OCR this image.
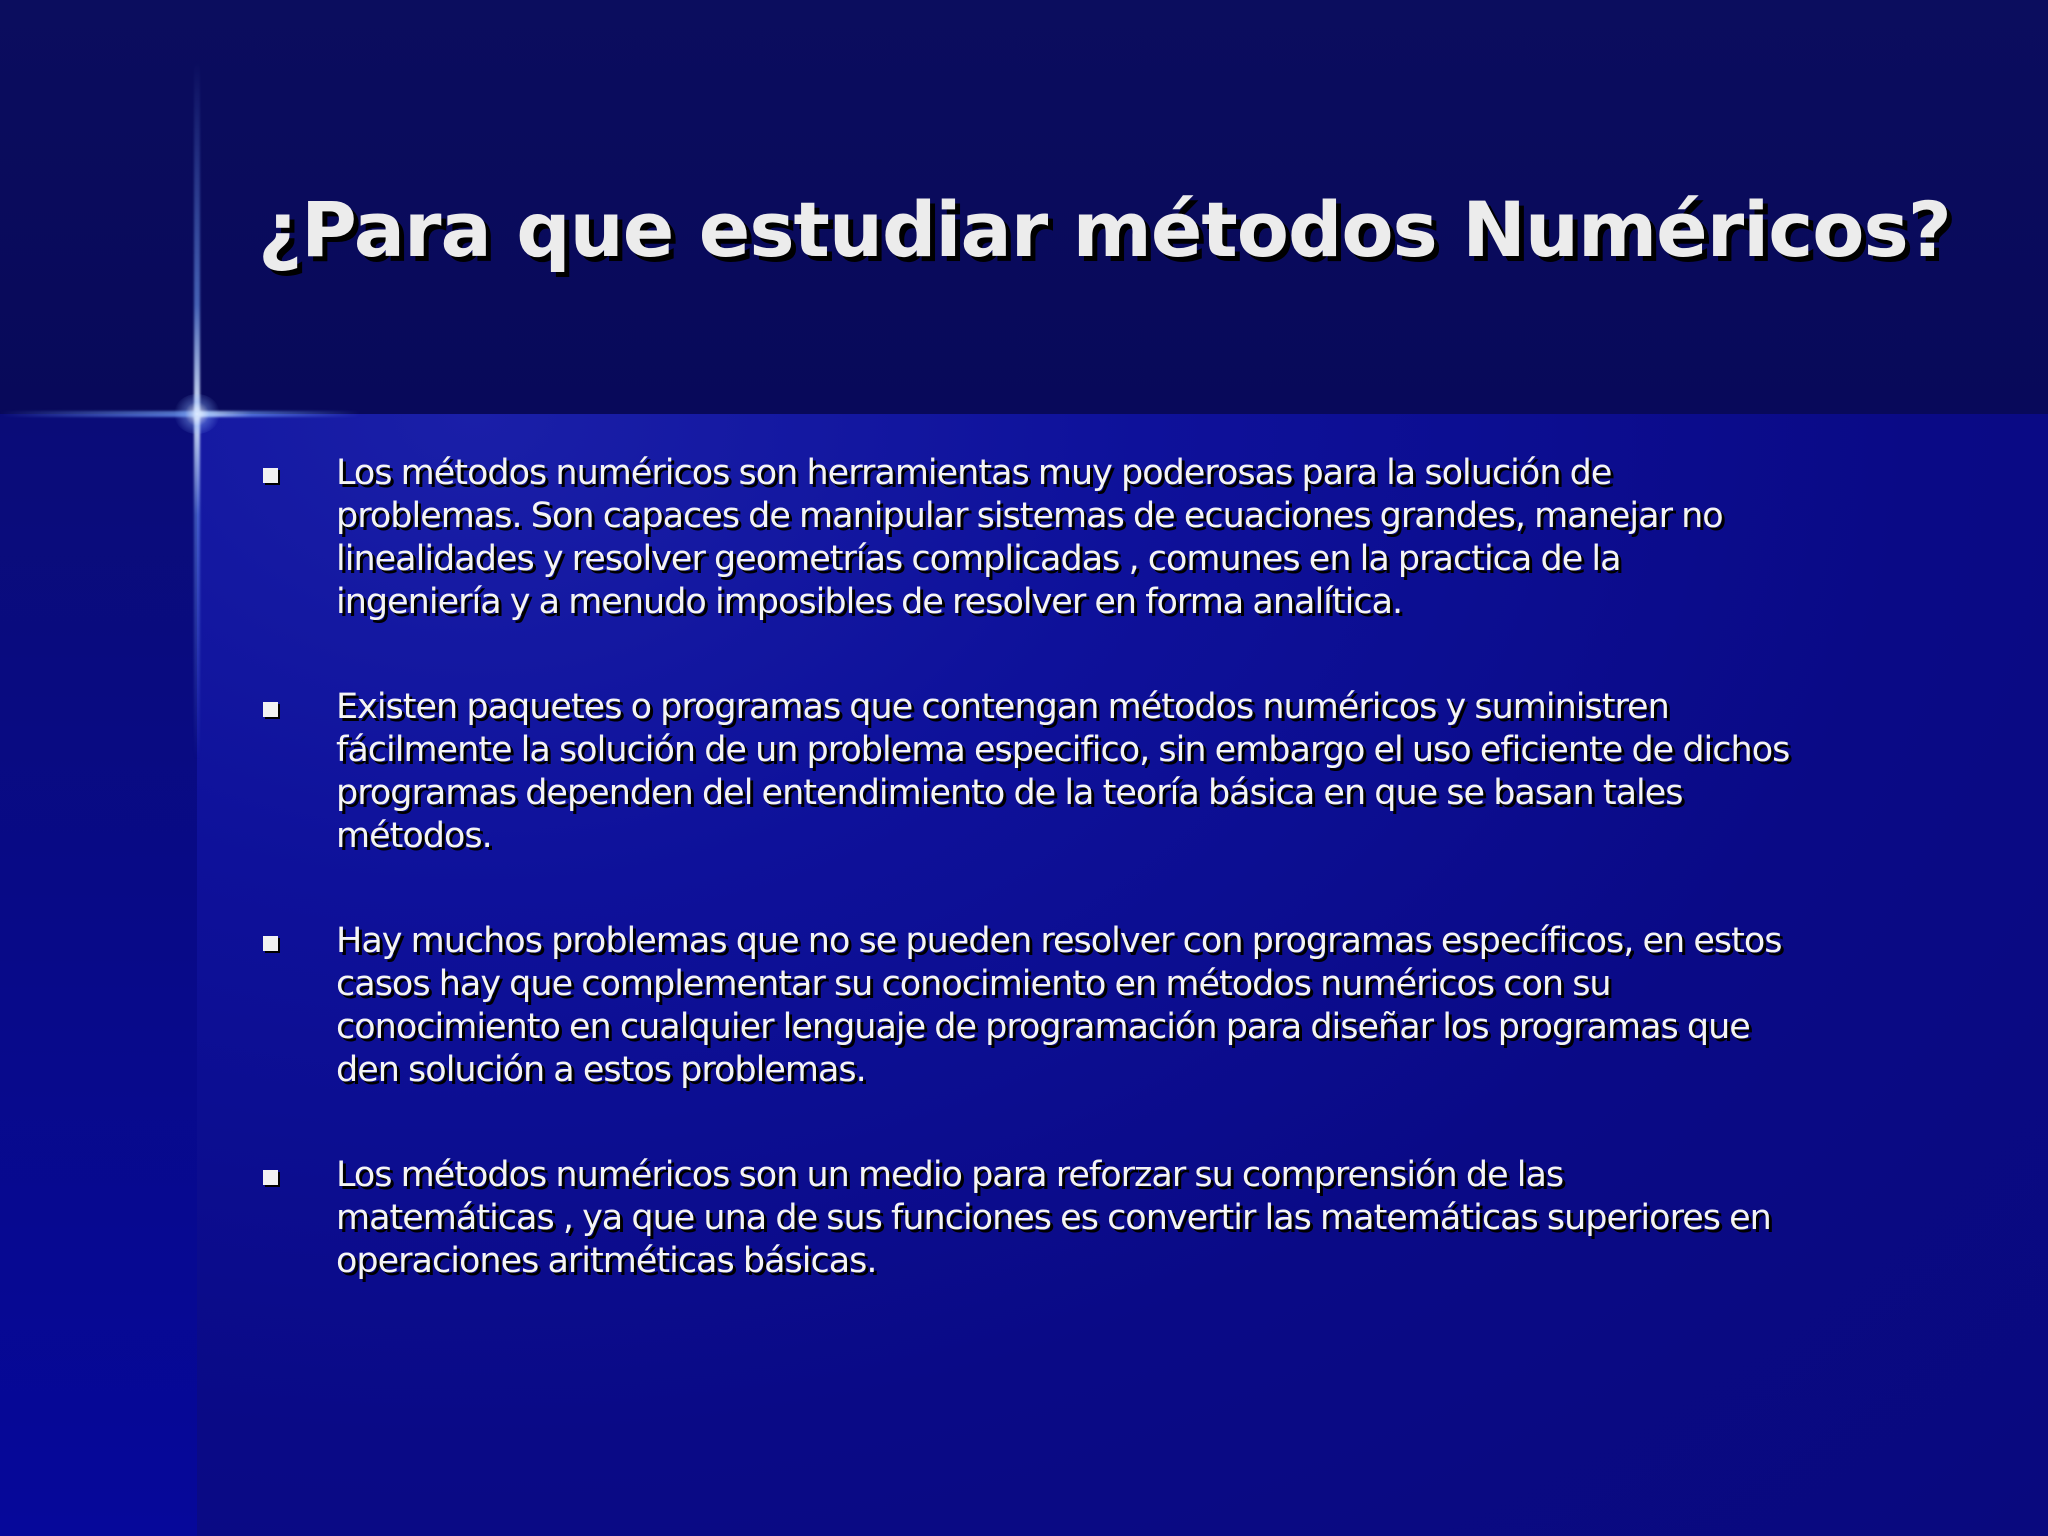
¿Para que estudiar métodos Numéricos?
Los métodos numéricos son herramientas muy poderosas para la solución de
problemas. Son capaces de manipular sistemas de ecuaciones grandes, manejar no
linealidades y resolver geometrías complicadas , comunes en la practica de la
ingeniería y a menudo imposibles de resolver en forma analítica.
Existen paquetes o programas que contengan métodos numéricos y suministren
fácilmente la solución de un problema especifico, sin embargo el uso eficiente de dichos
programas dependen del entendimiento de la teoría básica en que se basan tales
métodos.
Hay muchos problemas que no se pueden resolver con programas específicos, en estos
casos hay que complementar su conocimiento en métodos numéricos con su
conocimiento en cualquier lenguaje de programación para diseñar los programas que
den solución a estos problemas.
Los métodos numéricos son un medio para reforzar su comprensión de las
matemáticas , ya que una de sus funciones es convertir las matemáticas superiores en
operaciones aritméticas básicas.
